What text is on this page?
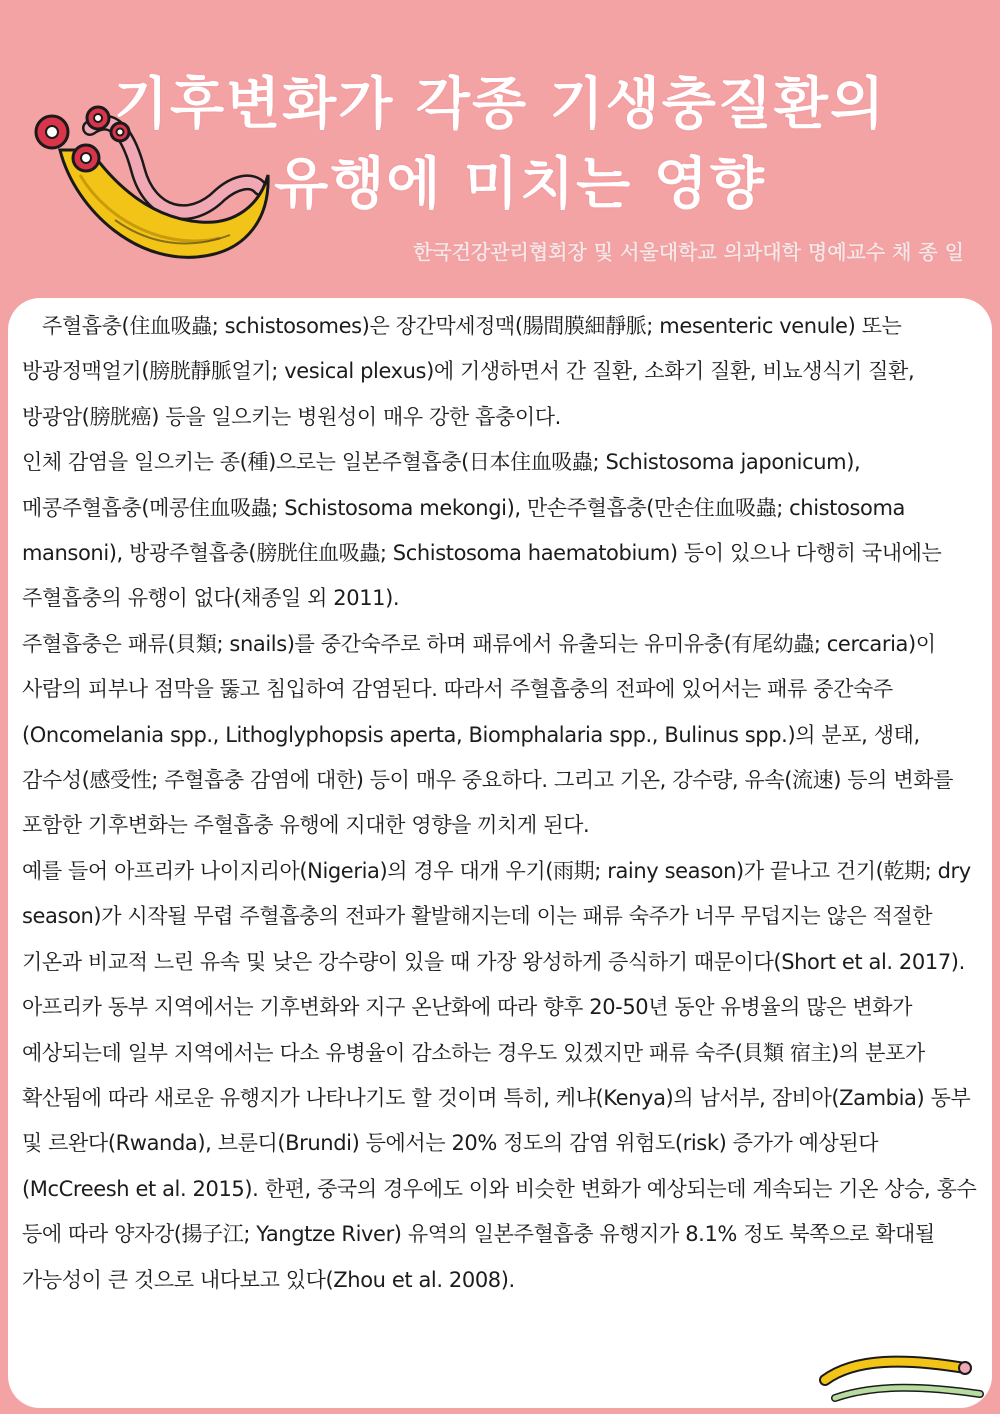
기후변화가 각종 기생충질환의
유행에 미치는 영향
한국건강관리협회장 및 서울대학교 의과대학 명예교수 채 종 일

주혈흡충(住血吸蟲; schistosomes)은 장간막세정맥(腸間膜細靜脈; mesenteric venule) 또는 방광정맥얼기(膀胱靜脈얼기; vesical plexus)에 기생하면서 간 질환, 소화기 질환, 비뇨생식기 질환, 방광암(膀胱癌) 등을 일으키는 병원성이 매우 강한 흡충이다.

인체 감염을 일으키는 종(種)으로는 일본주혈흡충(日本住血吸蟲; Schistosoma japonicum), 메콩주혈흡충(메콩住血吸蟲; Schistosoma mekongi), 만손주혈흡충(만손住血吸蟲; chistosoma mansoni), 방광주혈흡충(膀胱住血吸蟲; Schistosoma haematobium) 등이 있으나 다행히 국내에는 주혈흡충의 유행이 없다(채종일 외 2011).

주혈흡충은 패류(貝類; snails)를 중간숙주로 하며 패류에서 유출되는 유미유충(有尾幼蟲; cercaria)이 사람의 피부나 점막을 뚫고 침입하여 감염된다. 따라서 주혈흡충의 전파에 있어서는 패류 중간숙주(Oncomelania spp., Lithoglyphopsis aperta, Biomphalaria spp., Bulinus spp.)의 분포, 생태, 감수성(感受性; 주혈흡충 감염에 대한) 등이 매우 중요하다. 그리고 기온, 강수량, 유속(流速) 등의 변화를 포함한 기후변화는 주혈흡충 유행에 지대한 영향을 끼치게 된다.

예를 들어 아프리카 나이지리아(Nigeria)의 경우 대개 우기(雨期; rainy season)가 끝나고 건기(乾期; dry season)가 시작될 무렵 주혈흡충의 전파가 활발해지는데 이는 패류 숙주가 너무 무덥지는 않은 적절한 기온과 비교적 느린 유속 및 낮은 강수량이 있을 때 가장 왕성하게 증식하기 때문이다(Short et al. 2017).

아프리카 동부 지역에서는 기후변화와 지구 온난화에 따라 향후 20-50년 동안 유병율의 많은 변화가 예상되는데 일부 지역에서는 다소 유병율이 감소하는 경우도 있겠지만 패류 숙주(貝類 宿主)의 분포가 확산됨에 따라 새로운 유행지가 나타나기도 할 것이며 특히, 케냐(Kenya)의 남서부, 잠비아(Zambia) 동부 및 르완다(Rwanda), 브룬디(Brundi) 등에서는 20% 정도의 감염 위험도(risk) 증가가 예상된다(McCreesh et al. 2015). 한편, 중국의 경우에도 이와 비슷한 변화가 예상되는데 계속되는 기온 상승, 홍수 등에 따라 양자강(揚子江; Yangtze River) 유역의 일본주혈흡충 유행지가 8.1% 정도 북쪽으로 확대될 가능성이 큰 것으로 내다보고 있다(Zhou et al. 2008).
